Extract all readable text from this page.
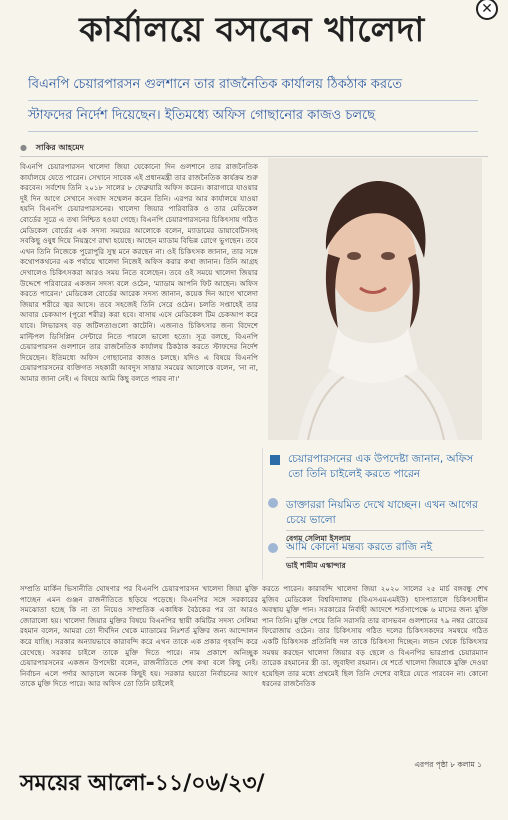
✕
কার্যালয়ে বসবেন খালেদা
বিএনপি চেয়ারপারসন গুলশানে তার রাজনৈতিক কার্যালয় ঠিকঠাক করতে
স্টাফদের নির্দেশ দিয়েছেন। ইতিমধ্যে অফিস গোছানোর কাজও চলছে
● সাকির আহমেদ

বিএনপি চেয়ারপারসন খালেদা জিয়া যেকোনো দিন গুলশানে তার রাজনৈতিক কার্যালয়ে যেতে পারেন। সেখানে সাবেক এই প্রধানমন্ত্রী তার রাজনৈতিক কার্যক্রম শুরু করবেন। সর্বশেষ তিনি ২০১৮ সালের ৮ ফেব্রুয়ারি অফিস করেন। কারাগারে যাওয়ার দুই দিন আগে সেখানে সংবাদ সম্মেলন করেন তিনি। এরপর আর কার্যালয়ে যাওয়া হয়নি বিএনপি চেয়ারপারসনের। খালেদা জিয়ার পারিবারিক ও তার মেডিকেল বোর্ডের সূত্রে এ তথ্য নিশ্চিত হওয়া গেছে। বিএনপি চেয়ারপারসনের চিকিৎসায় গঠিত মেডিকেল বোর্ডের এক সদস্য সময়ের আলোকে বলেন, ম্যাডামের ডায়াবেটিসসহ সবকিছু ওষুধ দিয়ে নিয়ন্ত্রণে রাখা হয়েছে। আছেন ম্যাডাম বিভিন্ন রোগে ভুগছেন। তবে এখন তিনি নিজেকে পুরোপুরি সুস্থ মনে করছেন না। ওই চিকিৎসক জানান, তার সঙ্গে কথোপকথনের এক পর্যায়ে খালেদা নিজেই অফিস করার কথা জানান। তিনি আগ্রহ দেখালেও চিকিৎসকরা আরও সময় নিতে বলেছেন। তবে ওই সময়ে খালেদা জিয়ার উদ্দেশে পরিবারের একজন সদস্য বলে ওঠেন, 'ম্যাডাম আপনি ফিট আছেন। অফিস করতে পারেন।' মেডিকেল বোর্ডের আরেক সদস্য জানান, কয়েক দিন আগে খালেদা জিয়ার শরীরে জ্বর আসে। তবে সহজেই তিনি সেরে ওঠেন। চলতি সপ্তাহেই তার আবার চেকআপ (পুরো শরীর) করা হবে। বাসায় এসে মেডিকেল টিম চেকআপ করে যাবে। লিভারসহ বড় জটিলতাগুলো কাটেনি। এজন্যও চিকিৎসার জন্য বিদেশে মাল্টিপল ডিসিপ্লিন সেন্টারে নিতে পারলে ভালো হতো। সূত্র বলছে, বিএনপি চেয়ারপারসন গুলশানে তার রাজনৈতিক কার্যালয় ঠিকঠাক করতে স্টাফদের নির্দেশ দিয়েছেন। ইতিমধ্যে অফিস গোছানোর কাজও চলছে। যদিও এ বিষয়ে বিএনপি চেয়ারপারসনের ব্যক্তিগত সহকারী আবদুস সাত্তার সময়ের আলোকে বলেন, 'না না, আমার জানা নেই। এ বিষয়ে আমি কিছু বলতে পারব না।'

চেয়ারপারসনের এক উপদেষ্টা জানান, অফিস তো তিনি চাইলেই করতে পারেন
ডাক্তাররা নিয়মিত দেখে যাচ্ছেন। এখন আগের চেয়ে ভালো
বেগম সেলিমা ইসলাম
আমি কোনো মন্তব্য করতে রাজি নই
ভাই শামীম এস্কান্দার

সম্প্রতি মার্কিন ভিসানীতি ঘোষণার পর বিএনপি চেয়ারপারসন খালেদা জিয়া মুক্তি পাচ্ছেন এমন গুঞ্জন রাজনীতিতে ছড়িয়ে পড়েছে। বিএনপির সঙ্গে সরকারের সমঝোতা হচ্ছে কি না তা নিয়েও সাম্প্রতিক একাধিক বৈঠকের পর তা আরও জোরালো হয়। খালেদা জিয়ার মুক্তির বিষয়ে বিএনপির স্থায়ী কমিটির সদস্য সেলিমা রহমান বলেন, আমরা তো দীর্ঘদিন থেকে ম্যাডামের নিঃশর্ত মুক্তির জন্য আন্দোলন করে যাচ্ছি। সরকার অন্যায়ভাবে কারাবন্দি করে এখন তাকে এক প্রকার গৃহবন্দি করে রেখেছে। সরকার চাইলে তাকে মুক্তি দিতে পারে। নাম প্রকাশে অনিচ্ছুক চেয়ারপারসনের একজন উপদেষ্টা বলেন, রাজনীতিতে শেষ কথা বলে কিছু নেই। নির্বাচন এলে পর্দার আড়ালে অনেক কিছুই হয়। সরকার হয়তো নির্বাচনের আগে তাকে মুক্তি দিতে পারে। আর অফিস তো তিনি চাইলেই

করতে পারেন। কারাবন্দি খালেদা জিয়া ২০২০ সালের ২৫ মার্চ বঙ্গবন্ধু শেখ মুজিব মেডিকেল বিশ্ববিদ্যালয় (বিএসএমএমইউ) হাসপাতালে চিকিৎসাধীন অবস্থায় মুক্তি পান। সরকারের নির্বাহী আদেশে শর্তসাপেক্ষে ৬ মাসের জন্য মুক্তি পান তিনি। মুক্তি পেয়ে তিনি সরাসরি তার বাসভবন গুলশানের ৭৯ নম্বর রোডের ফিরোজায় ওঠেন। তার চিকিৎসায় গঠিত দলের চিকিৎসকদের সমন্বয়ে গঠিত একটি চিকিৎসক প্রতিনিধি দল তাকে চিকিৎসা দিচ্ছেন। লন্ডন থেকে চিকিৎসার সমন্বয় করছেন খালেদা জিয়ার বড় ছেলে ও বিএনপির ভারপ্রাপ্ত চেয়ারম্যান তারেক রহমানের স্ত্রী ডা. জুবাইদা রহমান। যে শর্তে খালেদা জিয়াকে মুক্তি দেওয়া হয়েছিল তার মধ্যে প্রথমেই ছিল তিনি দেশের বাইরে যেতে পারবেন না। কোনো ধরনের রাজনৈতিক

এরপর পৃষ্ঠা ৮ কলাম ১
সময়ের আলো-১১/০৬/২৩/
